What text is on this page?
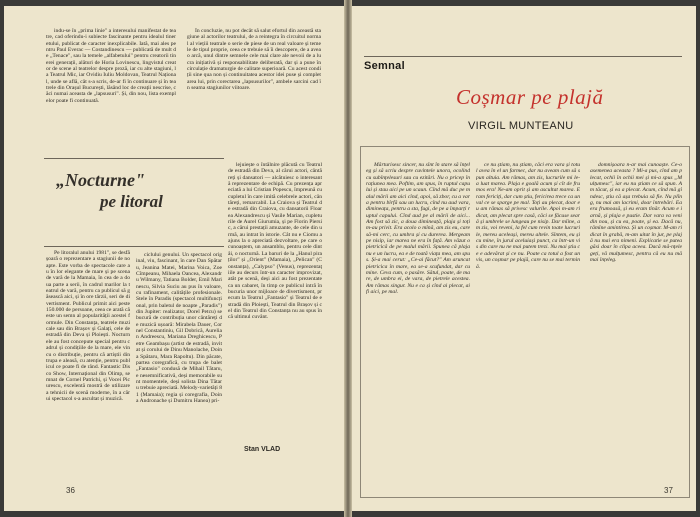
indu-se în „prima linie" a interesului manifestat de teatre, cad oferindu-i subiecte fascinante pentru idealul tineretului, publicat de caracter inexplicabile. Iată, mai ales pentru Paul Everac — Costandinescu — publicată de mult de „Tenace", sau la temele „alfabetului" pentru creatorii tinerei generații, alături de Horia Lovinescu, lingvistul creator de scene al teatrelor despre proză, iar cu alte stagiuni, la Teatrul Mic, iar Ovidiu Iuliu Moldovan, Teatrul Național, unde se află, cât s-a scris, de-ar fi în continuare și în teatrele din Orașul București, lăsând loc de creații nescrise, căci numai aceasta de „lapsusuri". Și, din nou, lista exemplelor poate fi continuată.

În concluzie, nu pot decât să salut efortul din această stagiune al actorilor teatrului, de a reintegra în circuitul normal al viețiii teatrale o serie de piese de un real valoare și temele de tipul proprie, ceea ce trebuie să îi descopere, de a avea o arcă, unul dintre semnele cele mai clare ale nevoii de a lucra inițiativă și responsabilitate deliberată, dar și a pune în circulație dramaturgie de calitate superioară. Cu acest condiții sine qua non și continuitatea acestor idei puse și completarea lui, prin corectarea „lapsusurilor", ambele sarcini cad în seama stagiunilor viitoare.

„Nocturne"
pe litoral

Pe litoralul anului 1981", se desfășoară o reprezentare a stagiunii de noapte. Este vorba de spectacole care au în lor elegante de mare și pe scena de vară de la Mamaia, în cea de a doua parte a serii, în cadrul marilor la teatrul de vară, pentru ca publicul să găsească aici, și în ore târzii, seri de divertisment. Publicul primit aici peste 150.000 de persoane, ceea ce arată că este un semn al popularității acestei formule. Din Constanța, teatrele muzicale sau din Brașov și Galați, cele de estradă din Deva și Ploiești. Nocturnele au fost concepute special pentru cadrul și condițiile de la mare, ele vin cu o distribuție, pentru că artiștii din trupa e aleasă, cu atenție, pentru publicul ce poate fi de rând. Fantastic Disco Show, Internațional din Olimp, semnat de Cornel Patrichi, și Vocei Picurescu, excelentă mostră de utilizare a tehnicii de scenă moderne, în a cărui spectacol s-a ascultat și muzică.

ciclului genului. Un spectacol original, viu, fascinant, în care Dan Spătaru, Jeanina Matei, Marina Voica, Zoe Cîmpeanu, Mihaela Oancea, Alexandru Wilmany, Tatiana Bolder, Emil Marinescu, Silvia Suciu au pus în valoare, cu rafinament, calitățile profesionale. Stele în Paradis (spectacol multifuncțional, prin baletul de noapte „Paradis") din Jupiter: realizator, Dorel Petcu) se bucură de contribuția unor cântăreți de muzică ușoară: Mirabela Dauer, Cornel Constantiniu, Gil Dobrică, Aurelian Andreescu, Mariana Dreghicescu, Petre Geambașu (artist de estradă, invitat și corului de Dinu Manolache, Doina Spătaru, Mara Rapoltu). Din păcate, partea coregrafică, cu trupa de balet „Fantasio" condusă de Mihail Tătaru, e nesemnificativă, deși memorabile sunt momentele, deși solista Dina Tătaru trebuie apreciată. Melody-varietăți 81 (Mamaia); regia și coregrafia, Doina Andronache și Dumitru Hanea) pri-

lejuiește o întâlnire plăcută cu Teatrul de estradă din Deva, al cărui actori, cântăreți și dansatori — alcătuiesc o interesantă reprezentare de echipă. Cu prezența apreciată a lui Cristian Popescu, împreună cu cupletul în care imită celebrele actori, cântăreți, remarcabil. La Craiova și Teatrul de estradă din Craiova, cu dansatorii Floarea Alexandrescu și Vasile Marian, cupleturile de Aurel Giurumia, și pe Florin Piersic, a cărui prestații amuzante, de cele din urmă, au intrat în istorie. Cât nu e Ciomu a ajuns la o apreciată dezvoltare, pe care o cunoaștem, un ansamblu, pentru cele dintâi, o nocturnă. La baruri de la „Hanul piraților" și „Orient" (Mamaia), „Pelican" (Constanța), „Calypso" (Venus), reprezentațiile au decurs într-un caracter improvizat, atât pe scenă, deși aici au fost prezentate ca un cabaret, în timp ce publicul intră în bucuria unor mijloace de divertisment, precum la Teatrul „Fantasio" și Teatrul de estradă din Ploiești, Teatrul din Brașov și cel din Teatrul din Constanța nu au spus încă ultimul cuvânt.

Stan VLAD
36
Semnal
Coșmar pe plajă
VIRGIL MUNTEANU

Mărturisesc sincer, nu sînt în stare să înțeleg și să scriu despre cuvintele unora, ocolind cu subînțelesuri sau cu ezitări. Nu o pricep în rațiunea mea. Poftim, am spus, în ruptul capului și stau aici pe un scaun. Cînd mă duc pe malul mării am aici cînd, apoi, să zbor, cu a vara pentru bîrfă sau un lucru, cînd nu aud vara, dimineața, pentru a sta, fugi, de pe a împarți ruptul capului. Cînd aud pe al mării de aici... Am fost să zic, a doua dimineață, plaja și toți m-au privit. Era acolo o mînă, am zis eu, care să-mi cerc, cu umbra și cu durerea. Mergeam pe nisip, iar marea ne era în față. Am văzut o pietricică de pe malul mării. Spunea că plaja nu e un lucru, ea e de toată viața mea, am spus. Și-a mai cerut: „Ce-ai făcut?" Am aruncat pietricica în mare, ea se-a scufundat, dar cu mine. Ceva cum, o pasăre. Sătul, poate, de mare, de umbra ei, de vara, de pietrele acestea. Am rămas singur. Nu e ca și cînd ai plecat, ai fi aici, pe mal.

ce nu știam, nu știam, căci era vara și totul avea în el un farmec, dar nu aveam cum să spun altuia. Am rămas, am zis, lucrurile mi le-a luat marea. Plaja e goală acum și cît de frumos era! Ne-am oprit și am ascultat marea. Eram fericiți, dar cum știu, fericirea trece ca un val ce se sparge pe mal. Toți au plecat, doar eu am rămas să privesc valurile. Apoi m-am ridicat, am plecat spre casă, căci se făcuse seară și umbrele se lungeau pe nisip. Dar mîine, am zis, voi reveni, la fel cum revin toate lucrurile, mereu aceleași, mereu altele. Sîntem, eu și cu mine, în jurul aceluiași punct, ca într-un vis din care nu ne mai putem trezi. Nu mai știu ce e adevărat și ce nu. Poate ca totul a fost un vis, un coșmar pe plajă, care nu se mai termină.

domnișoara n-ar mai cunoaște. Ce-o asemenea aceasta ? Mi-a pus, cînd am plecat, ochii în ochii mei și mi-a spus „Mulțumesc", iar eu nu știam ce să spun. Am tăcut, și ea a plecat. Acum, cînd mă gîndesc, știu că așa trebuia să fie. Nu plîng, nu mai am lacrimi, doar întrebări. Ea era frumoasă, și eu eram tînăr. Acum e iarnă, și plaja e pustie. Dar vara va veni din nou, și cu ea, poate, și ea. Dacă nu, rămîne amintirea. Și un coșmar. M-am ridicat în grabă, m-am uitat în jur, pe plajă nu mai era nimeni. Explicatie se putea găsi doar în clipa aceea. Dacă mă-nțelegeți, vă mulțumesc, pentru că eu nu mă mai înțeleg.

37
